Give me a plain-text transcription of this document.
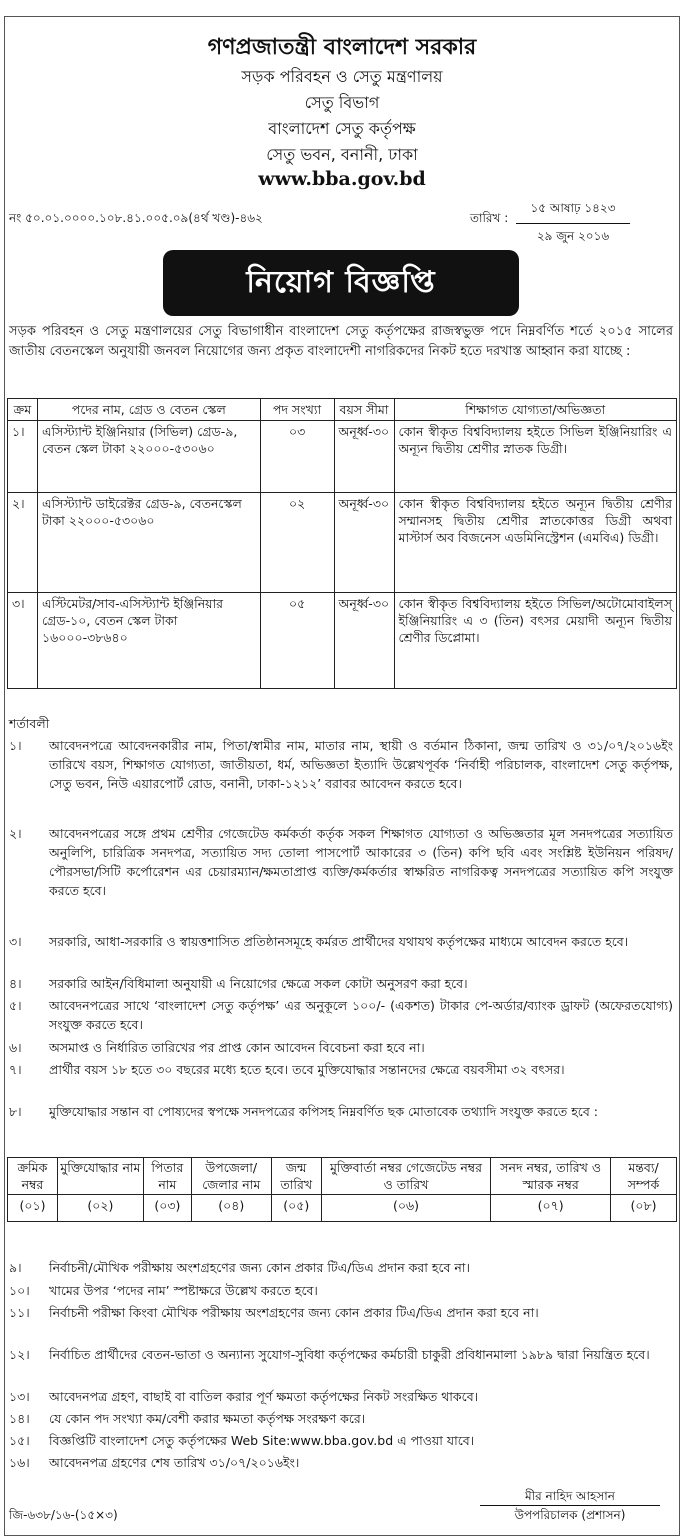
গণপ্রজাতন্ত্রী বাংলাদেশ সরকার
সড়ক পরিবহন ও সেতু মন্ত্রণালয়
সেতু বিভাগ
বাংলাদেশ সেতু কর্তৃপক্ষ
সেতু ভবন, বনানী, ঢাকা
www.bba.gov.bd
নং ৫০.০১.০০০০.১০৮.৪১.০০৫.০৯(৪র্থ খণ্ড)-৪৬২	তারিখ :
১৫ আষাঢ় ১৪২৩
২৯ জুন ২০১৬
নিয়োগ বিজ্ঞপ্তি
সড়ক পরিবহন ও সেতু মন্ত্রণালয়ের সেতু বিভাগাধীন বাংলাদেশ সেতু কর্তৃপক্ষের রাজস্বভুক্ত পদে নিম্নবর্ণিত শর্তে ২০১৫ সালের জাতীয় বেতনস্কেল অনুযায়ী জনবল নিয়োগের জন্য প্রকৃত বাংলাদেশী নাগরিকদের নিকট হতে দরখাস্ত আহ্বান করা যাচ্ছে :
ক্রম	পদের নাম, গ্রেড ও বেতন স্কেল	পদ সংখ্যা	বয়স সীমা	শিক্ষাগত যোগ্যতা/অভিজ্ঞতা
১।	এসিস্ট্যান্ট ইঞ্জিনিয়ার (সিভিল) গ্রেড-৯, বেতন স্কেল টাকা ২২০০০-৫৩০৬০	০৩	অনূর্ধ্ব-৩০	কোন স্বীকৃত বিশ্ববিদ্যালয় হইতে সিভিল ইঞ্জিনিয়ারিং এ অন্যূন দ্বিতীয় শ্রেণীর স্নাতক ডিগ্রী।
২।	এসিস্ট্যান্ট ডাইরেক্টর গ্রেড-৯, বেতনস্কেল টাকা ২২০০০-৫৩০৬০	০২	অনূর্ধ্ব-৩০	কোন স্বীকৃত বিশ্ববিদ্যালয় হইতে অন্যূন দ্বিতীয় শ্রেণীর সম্মানসহ দ্বিতীয় শ্রেণীর স্নাতকোত্তর ডিগ্রী অথবা মাস্টার্স অব বিজনেস এডমিনিস্ট্রেশন (এমবিএ) ডিগ্রী।
৩।	এস্টিমেটর/সাব-এসিস্ট্যান্ট ইঞ্জিনিয়ার গ্রেড-১০, বেতন স্কেল টাকা ১৬০০০-৩৮৬৪০	০৫	অনূর্ধ্ব-৩০	কোন স্বীকৃত বিশ্ববিদ্যালয় হইতে সিভিল/অটোমোবাইলস্ ইঞ্জিনিয়ারিং এ ৩ (তিন) বৎসর মেয়াদী অন্যূন দ্বিতীয় শ্রেণীর ডিপ্লোমা।
শর্তাবলী
১।	আবেদনপত্রে আবেদনকারীর নাম, পিতা/স্বামীর নাম, মাতার নাম, স্থায়ী ও বর্তমান ঠিকানা, জন্ম তারিখ ও ৩১/০৭/২০১৬ইং তারিখে বয়স, শিক্ষাগত যোগ্যতা, জাতীয়তা, ধর্ম, অভিজ্ঞতা ইত্যাদি উল্লেখপূর্বক ‘নির্বাহী পরিচালক, বাংলাদেশ সেতু কর্তৃপক্ষ, সেতু ভবন, নিউ এয়ারপোর্ট রোড, বনানী, ঢাকা-১২১২’ বরাবর আবেদন করতে হবে।
২।	আবেদনপত্রের সঙ্গে প্রথম শ্রেণীর গেজেটেড কর্মকর্তা কর্তৃক সকল শিক্ষাগত যোগ্যতা ও অভিজ্ঞতার মূল সনদপত্রের সত্যায়িত অনুলিপি, চারিত্রিক সনদপত্র, সত্যায়িত সদ্য তোলা পাসপোর্ট আকারের ৩ (তিন) কপি ছবি এবং সংশ্লিষ্ট ইউনিয়ন পরিষদ/পৌরসভা/সিটি কর্পোরেশন এর চেয়ারম্যান/ক্ষমতাপ্রাপ্ত ব্যক্তি/কর্মকর্তার স্বাক্ষরিত নাগরিকত্ব সনদপত্রের সত্যায়িত কপি সংযুক্ত করতে হবে।
৩।	সরকারি, আধা-সরকারি ও স্বায়ত্তশাসিত প্রতিষ্ঠানসমূহে কর্মরত প্রার্থীদের যথাযথ কর্তৃপক্ষের মাধ্যমে আবেদন করতে হবে।
৪।	সরকারি আইন/বিধিমালা অনুযায়ী এ নিয়োগের ক্ষেত্রে সকল কোটা অনুসরণ করা হবে।
৫।	আবেদনপত্রের সাথে ‘বাংলাদেশ সেতু কর্তৃপক্ষ’ এর অনুকূলে ১০০/- (একশত) টাকার পে-অর্ডার/ব্যাংক ড্রাফট (অফেরতযোগ্য) সংযুক্ত করতে হবে।
৬।	অসমাপ্ত ও নির্ধারিত তারিখের পর প্রাপ্ত কোন আবেদন বিবেচনা করা হবে না।
৭।	প্রার্থীর বয়স ১৮ হতে ৩০ বছরের মধ্যে হতে হবে। তবে মুক্তিযোদ্ধার সন্তানদের ক্ষেত্রে বয়বসীমা ৩২ বৎসর।
৮।	মুক্তিযোদ্ধার সন্তান বা পোষ্যদের স্বপক্ষে সনদপত্রের কপিসহ নিম্নবর্ণিত ছক মোতাবেক তথ্যাদি সংযুক্ত করতে হবে :
ক্রমিক নম্বর	মুক্তিযোদ্ধার নাম	পিতার নাম	উপজেলা/ জেলার নাম	জন্ম তারিখ	মুক্তিবার্তা নম্বর গেজেটেড নম্বর ও তারিখ	সনদ নম্বর, তারিখ ও স্মারক নম্বর	মন্তব্য/ সম্পর্ক
(০১)	(০২)	(০৩)	(০৪)	(০৫)	(০৬)	(০৭)	(০৮)
৯।	নির্বাচনী/মৌখিক পরীক্ষায় অংশগ্রহণের জন্য কোন প্রকার টিএ/ডিএ প্রদান করা হবে না।
১০।	খামের উপর ‘পদের নাম’ স্পষ্টাক্ষরে উল্লেখ করতে হবে।
১১।	নির্বাচনী পরীক্ষা কিংবা মৌখিক পরীক্ষায় অংশগ্রহণের জন্য কোন প্রকার টিএ/ডিএ প্রদান করা হবে না।
১২।	নির্বাচিত প্রার্থীদের বেতন-ভাতা ও অন্যান্য সুযোগ-সুবিধা কর্তৃপক্ষের কর্মচারী চাকুরী প্রবিধানমালা ১৯৮৯ দ্বারা নিয়ন্ত্রিত হবে।
১৩।	আবেদনপত্র গ্রহণ, বাছাই বা বাতিল করার পূর্ণ ক্ষমতা কর্তৃপক্ষের নিকট সংরক্ষিত থাকবে।
১৪।	যে কোন পদ সংখ্যা কম/বেশী করার ক্ষমতা কর্তৃপক্ষ সংরক্ষণ করে।
১৫।	বিজ্ঞপ্তিটি বাংলাদেশ সেতু কর্তৃপক্ষের Web Site:www.bba.gov.bd এ পাওয়া যাবে।
১৬।	আবেদনপত্র গ্রহণের শেষ তারিখ ৩১/০৭/২০১৬ইং।
মীর নাহিদ আহসান
উপপরিচালক (প্রশাসন)
জি-৬৩৮/১৬-(১৫×৩)
